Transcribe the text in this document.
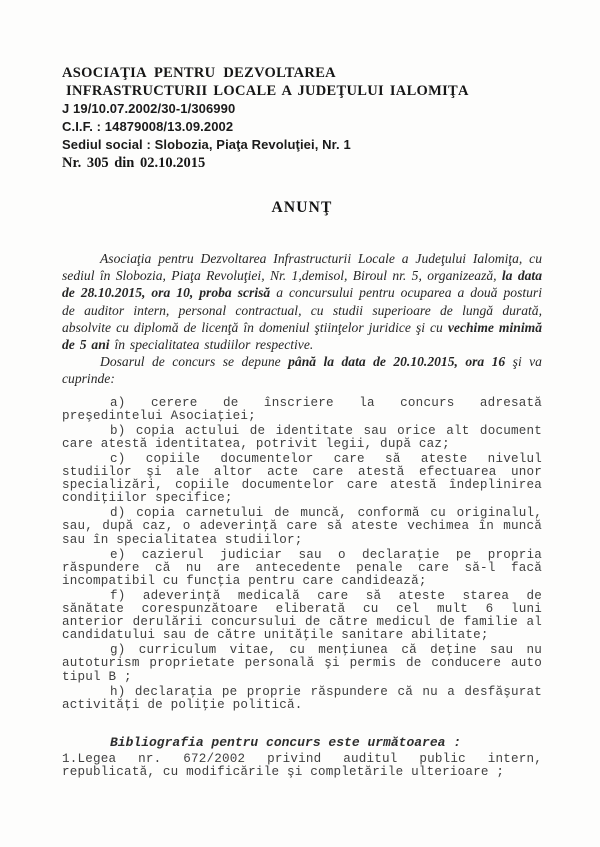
ASOCIAŢIA PENTRU DEZVOLTAREA
INFRASTRUCTURII LOCALE A JUDEŢULUI IALOMIŢA
J 19/10.07.2002/30-1/306990
C.I.F. : 14879008/13.09.2002
Sediul social : Slobozia, Piaţa Revoluţiei, Nr. 1
Nr. 305 din 02.10.2015
ANUNŢ

Asociaţia pentru Dezvoltarea Infrastructurii Locale a Judeţului Ialomiţa, cu sediul în Slobozia, Piaţa Revoluţiei, Nr. 1,demisol, Biroul nr. 5, organizează, la data de 28.10.2015, ora 10, proba scrisă a concursului pentru ocuparea a două posturi de auditor intern, personal contractual, cu studii superioare de lungă durată, absolvite cu diplomă de licenţă în domeniul ştiinţelor juridice şi cu vechime minimă de 5 ani în specialitatea studiilor respective.

Dosarul de concurs se depune până la data de 20.10.2015, ora 16 şi va cuprinde:

a) cerere de înscriere la concurs adresată preşedintelui Asociaţiei;

b) copia actului de identitate sau orice alt document care atestă identitatea, potrivit legii, după caz;

c) copiile documentelor care să ateste nivelul studiilor şi ale altor acte care atestă efectuarea unor specializări, copiile documentelor care atestă îndeplinirea condiţiilor specifice;

d) copia carnetului de muncă, conformă cu originalul, sau, după caz, o adeverinţă care să ateste vechimea în muncă sau în specialitatea studiilor;

e) cazierul judiciar sau o declaraţie pe propria răspundere că nu are antecedente penale care să-l facă incompatibil cu funcţia pentru care candidează;

f) adeverinţă medicală care să ateste starea de sănătate corespunzătoare eliberată cu cel mult 6 luni anterior derulării concursului de către medicul de familie al candidatului sau de către unităţile sanitare abilitate;

g) curriculum vitae, cu menţiunea că deţine sau nu autoturism proprietate personală şi permis de conducere auto tipul B ;

h) declaraţia pe proprie răspundere că nu a desfăşurat activităţi de poliţie politică.

Bibliografia pentru concurs este următoarea :

1.Legea nr. 672/2002 privind auditul public intern, republicată, cu modificările şi completările ulterioare ;
